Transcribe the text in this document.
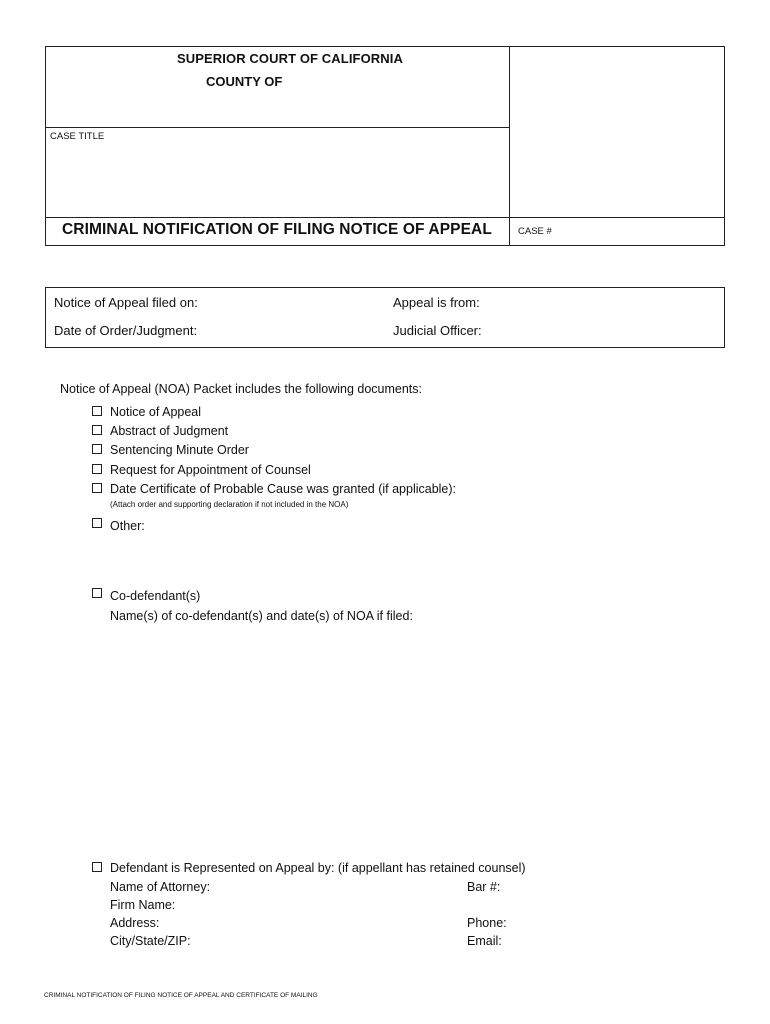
SUPERIOR COURT OF CALIFORNIA
COUNTY OF
CASE TITLE
CRIMINAL NOTIFICATION OF FILING NOTICE OF APPEAL	CASE #
Notice of Appeal filed on:	Appeal is from:
Date of Order/Judgment:	Judicial Officer:
Notice of Appeal (NOA) Packet includes the following documents:
Notice of Appeal
Abstract of Judgment
Sentencing Minute Order
Request for Appointment of Counsel
Date Certificate of Probable Cause was granted (if applicable):
(Attach order and supporting declaration if not included in the NOA)
Other:
Co-defendant(s)
Name(s) of co-defendant(s) and date(s) of NOA if filed:
Defendant is Represented on Appeal by: (if appellant has retained counsel)
Name of Attorney:	Bar #:
Firm Name:
Address:	Phone:
City/State/ZIP:	Email:
CRIMINAL NOTIFICATION OF FILING NOTICE OF APPEAL AND CERTIFICATE OF MAILING
